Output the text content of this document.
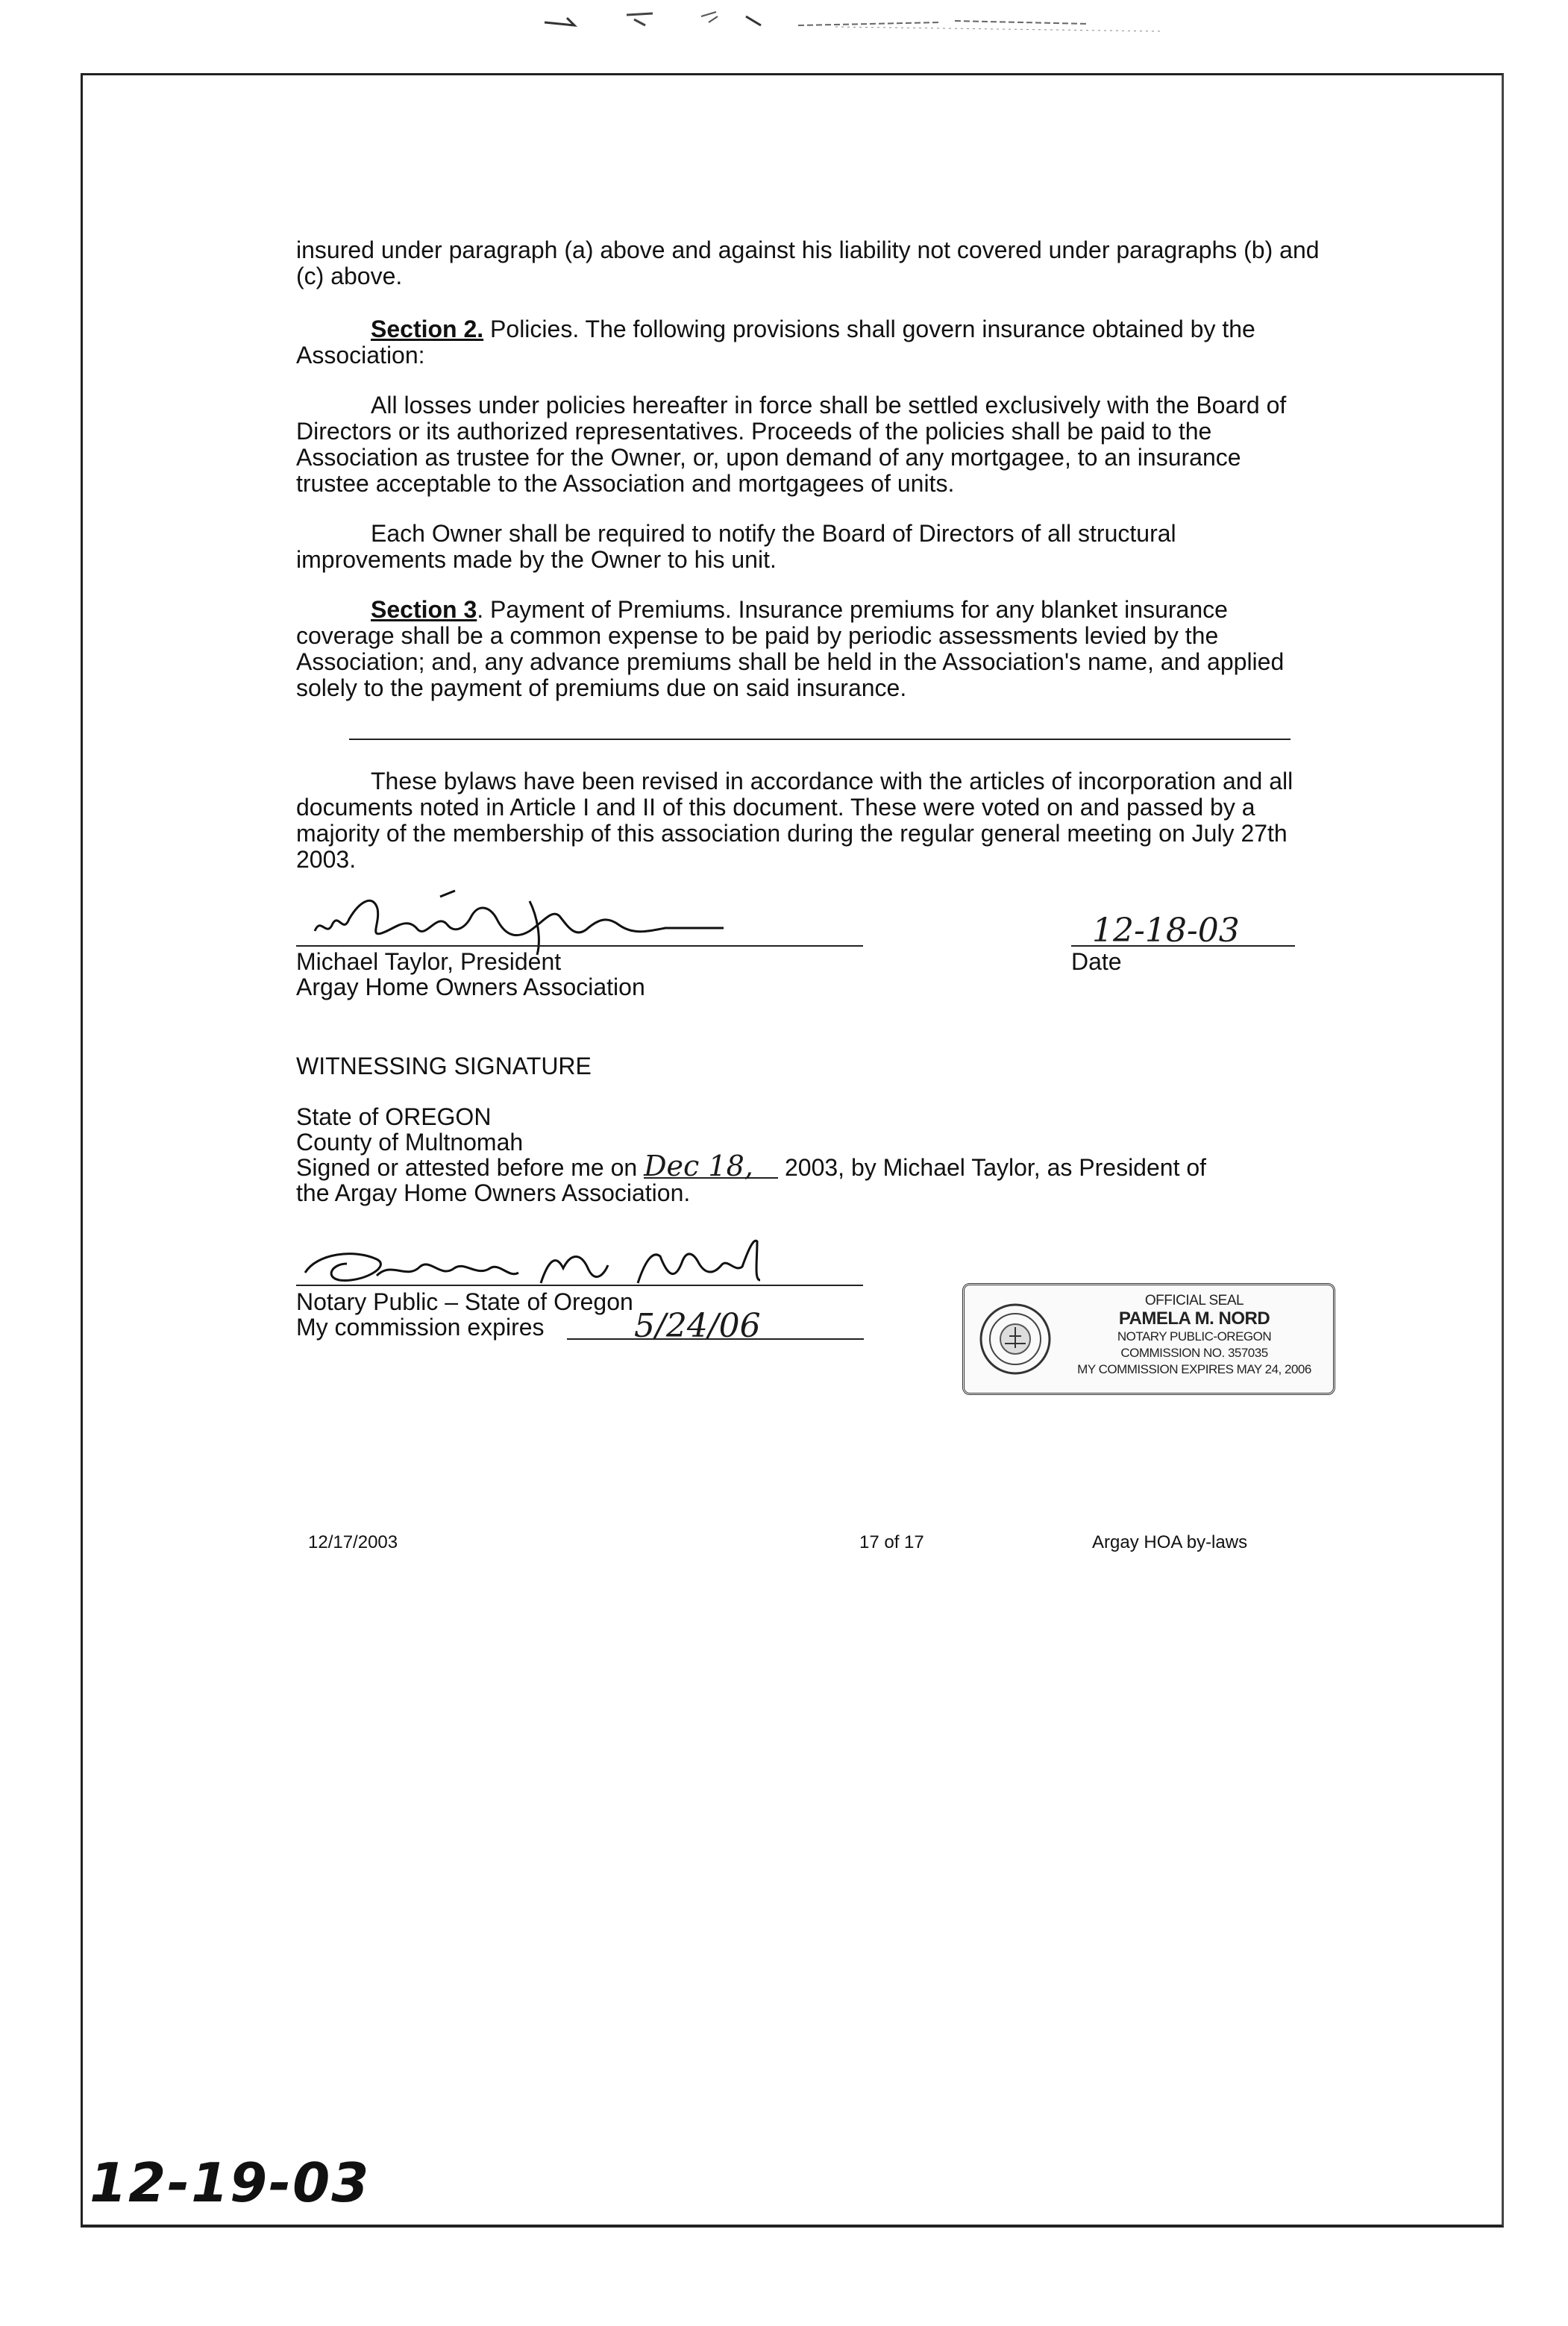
insured under paragraph (a) above and against his liability not covered under paragraphs (b) and (c) above.

Section 2. Policies. The following provisions shall govern insurance obtained by the Association:

All losses under policies hereafter in force shall be settled exclusively with the Board of Directors or its authorized representatives. Proceeds of the policies shall be paid to the Association as trustee for the Owner, or, upon demand of any mortgagee, to an insurance trustee acceptable to the Association and mortgagees of units.

Each Owner shall be required to notify the Board of Directors of all structural improvements made by the Owner to his unit.

Section 3. Payment of Premiums. Insurance premiums for any blanket insurance coverage shall be a common expense to be paid by periodic assessments levied by the Association; and, any advance premiums shall be held in the Association's name, and applied solely to the payment of premiums due on said insurance.

These bylaws have been revised in accordance with the articles of incorporation and all documents noted in Article I and II of this document. These were voted on and passed by a majority of the membership of this association during the regular general meeting on July 27th 2003.

Michael Taylor, President

Argay Home Owners Association

12-18-03

Date

WITNESSING SIGNATURE

State of OREGON

County of Multnomah

Signed or attested before me on Dec 18, 2003, by Michael Taylor, as President of

the Argay Home Owners Association.

Notary Public – State of Oregon

My commission expires	5/24/06
OFFICIAL SEAL
PAMELA M. NORD
NOTARY PUBLIC-OREGON
COMMISSION NO. 357035
MY COMMISSION EXPIRES MAY 24, 2006
12/17/2003	17 of 17	Argay HOA by-laws
12-19-03
